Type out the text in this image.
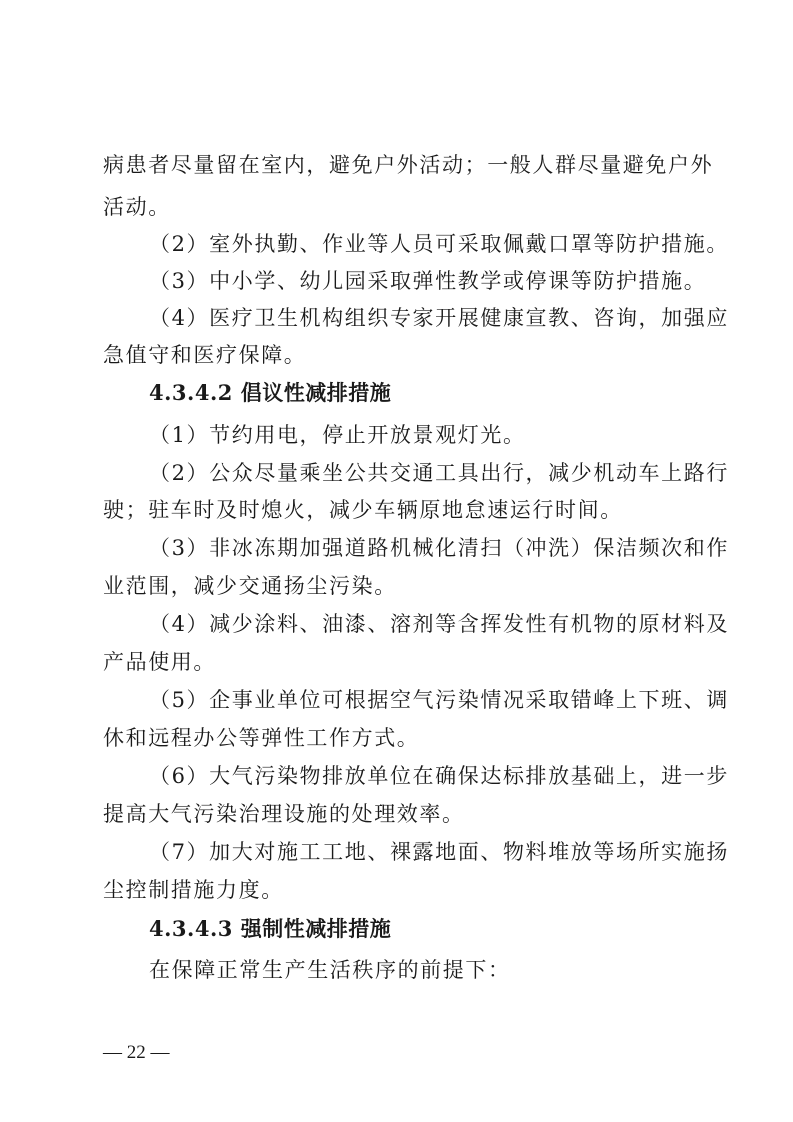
病患者尽量留在室内，避免户外活动；一般人群尽量避免户外
活动。
（2）室外执勤、作业等人员可采取佩戴口罩等防护措施。
（3）中小学、幼儿园采取弹性教学或停课等防护措施。
（4）医疗卫生机构组织专家开展健康宣教、咨询，加强应
急值守和医疗保障。
4.3.4.2 倡议性减排措施
（1）节约用电，停止开放景观灯光。
（2）公众尽量乘坐公共交通工具出行，减少机动车上路行
驶；驻车时及时熄火，减少车辆原地怠速运行时间。
（3）非冰冻期加强道路机械化清扫（冲洗）保洁频次和作
业范围，减少交通扬尘污染。
（4）减少涂料、油漆、溶剂等含挥发性有机物的原材料及
产品使用。
（5）企事业单位可根据空气污染情况采取错峰上下班、调
休和远程办公等弹性工作方式。
（6）大气污染物排放单位在确保达标排放基础上，进一步
提高大气污染治理设施的处理效率。
（7）加大对施工工地、裸露地面、物料堆放等场所实施扬
尘控制措施力度。
4.3.4.3 强制性减排措施
在保障正常生产生活秩序的前提下：
— 22 —
